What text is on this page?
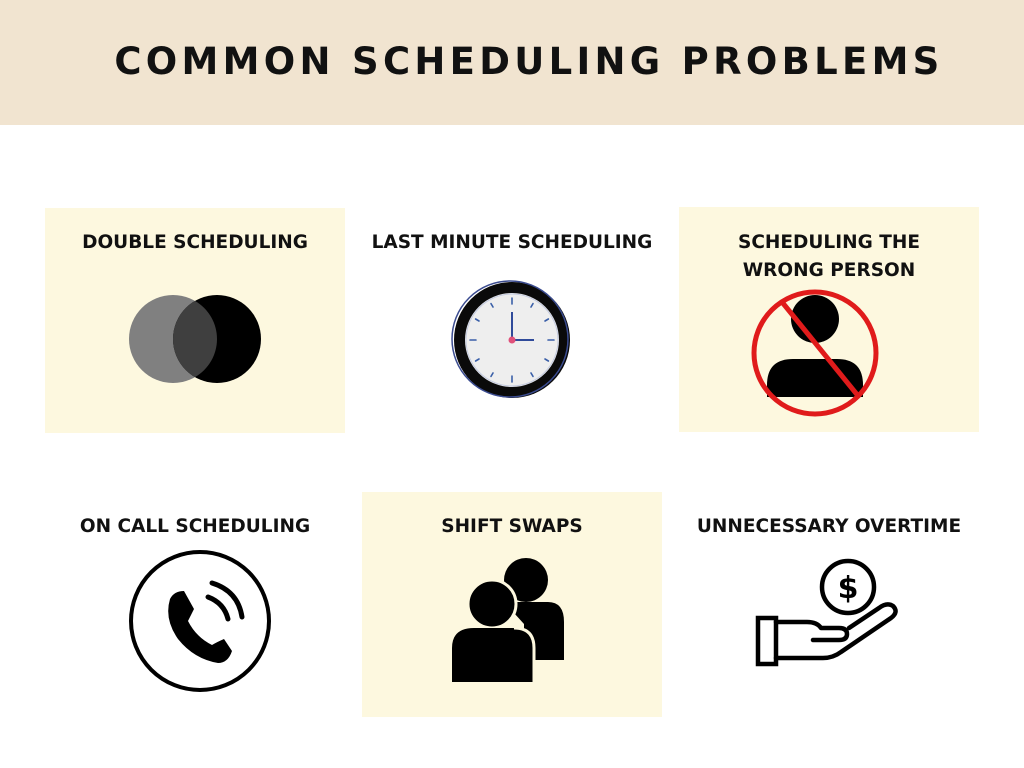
COMMON SCHEDULING PROBLEMS
DOUBLE SCHEDULING	LAST MINUTE SCHEDULING	SCHEDULING THE WRONG PERSON
ON CALL SCHEDULING	SHIFT SWAPS	UNNECESSARY OVERTIME
$
